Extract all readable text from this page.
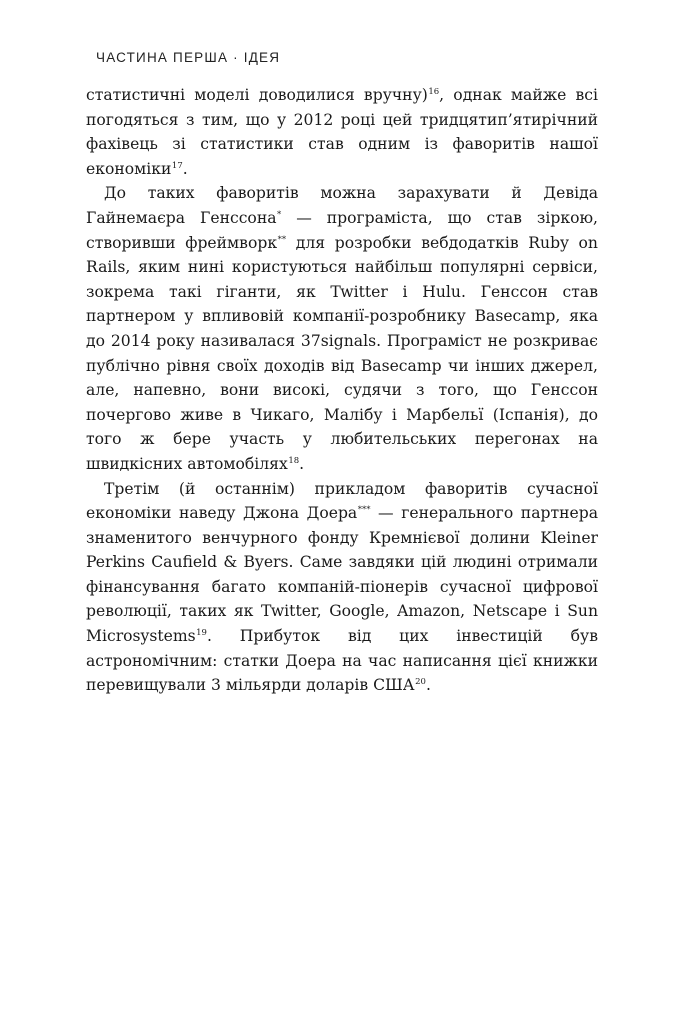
ЧАСТИНА ПЕРША · ІДЕЯ

статистичні моделі доводилися вручну)$^{16}$, однак майже всі погодяться з тим, що у 2012 році цей тридцятип’ятирічний фахівець зі статистики став одним із фаворитів нашої економіки$^{17}$.

До таких фаворитів можна зарахувати й Девіда Гайнемаєра Генссона* — програміста, що став зіркою, створивши фреймворк** для розробки вебдодатків Ruby on Rails, яким нині користуються найбільш популярні сервіси, зокрема такі гіганти, як Twitter і Hulu. Генссон став партнером у впливовій компанії-розробнику Basecamp, яка до 2014 року називалася 37signals. Програміст не розкриває публічно рівня своїх доходів від Basecamp чи інших джерел, але, напевно, вони високі, судячи з того, що Генссон почергово живе в Чикаго, Малібу і Марбельї (Іспанія), до того ж бере участь у любительських перегонах на швидкісних автомобілях$^{18}$.

Третім (й останнім) прикладом фаворитів сучасної економіки наведу Джона Доера*** — генерального партнера знаменитого венчурного фонду Кремнієвої долини Kleiner Perkins Caufield & Byers. Саме завдяки цій людині отримали фінансування багато компаній-піонерів сучасної цифрової революції, таких як Twitter, Google, Amazon, Netscape і Sun Microsystems$^{19}$. Прибуток від цих інвестицій був астрономічним: статки Доера на час написання цієї книжки перевищували 3 мільярди доларів США$^{20}$.
